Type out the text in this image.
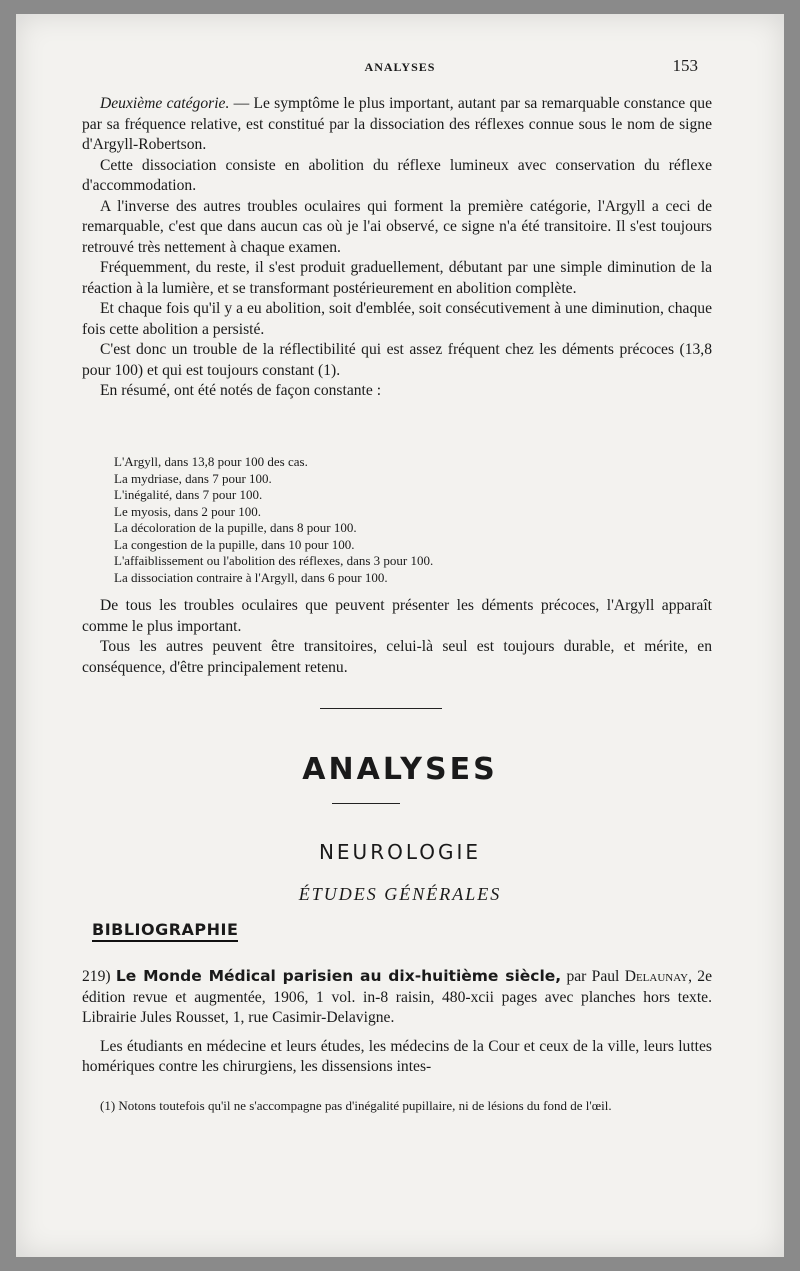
ANALYSES	153

Deuxième catégorie. — Le symptôme le plus important, autant par sa remarquable constance que par sa fréquence relative, est constitué par la dissociation des réflexes connue sous le nom de signe d'Argyll-Robertson.

Cette dissociation consiste en abolition du réflexe lumineux avec conservation du réflexe d'accommodation.

A l'inverse des autres troubles oculaires qui forment la première catégorie, l'Argyll a ceci de remarquable, c'est que dans aucun cas où je l'ai observé, ce signe n'a été transitoire. Il s'est toujours retrouvé très nettement à chaque examen.

Fréquemment, du reste, il s'est produit graduellement, débutant par une simple diminution de la réaction à la lumière, et se transformant postérieurement en abolition complète.

Et chaque fois qu'il y a eu abolition, soit d'emblée, soit consécutivement à une diminution, chaque fois cette abolition a persisté.

C'est donc un trouble de la réflectibilité qui est assez fréquent chez les déments précoces (13,8 pour 100) et qui est toujours constant (1).

En résumé, ont été notés de façon constante :

L'Argyll, dans 13,8 pour 100 des cas.
La mydriase, dans 7 pour 100.
L'inégalité, dans 7 pour 100.
Le myosis, dans 2 pour 100.
La décoloration de la pupille, dans 8 pour 100.
La congestion de la pupille, dans 10 pour 100.
L'affaiblissement ou l'abolition des réflexes, dans 3 pour 100.
La dissociation contraire à l'Argyll, dans 6 pour 100.

De tous les troubles oculaires que peuvent présenter les déments précoces, l'Argyll apparaît comme le plus important.

Tous les autres peuvent être transitoires, celui-là seul est toujours durable, et mérite, en conséquence, d'être principalement retenu.

ANALYSES
NEUROLOGIE
ÉTUDES GÉNÉRALES
BIBLIOGRAPHIE
219) Le Monde Médical parisien au dix-huitième siècle, par Paul Delaunay, 2e édition revue et augmentée, 1906, 1 vol. in-8 raisin, 480-xcii pages avec planches hors texte. Librairie Jules Rousset, 1, rue Casimir-Delavigne.
Les étudiants en médecine et leurs études, les médecins de la Cour et ceux de la ville, leurs luttes homériques contre les chirurgiens, les dissensions intes-

(1) Notons toutefois qu'il ne s'accompagne pas d'inégalité pupillaire, ni de lésions du fond de l'œil.
